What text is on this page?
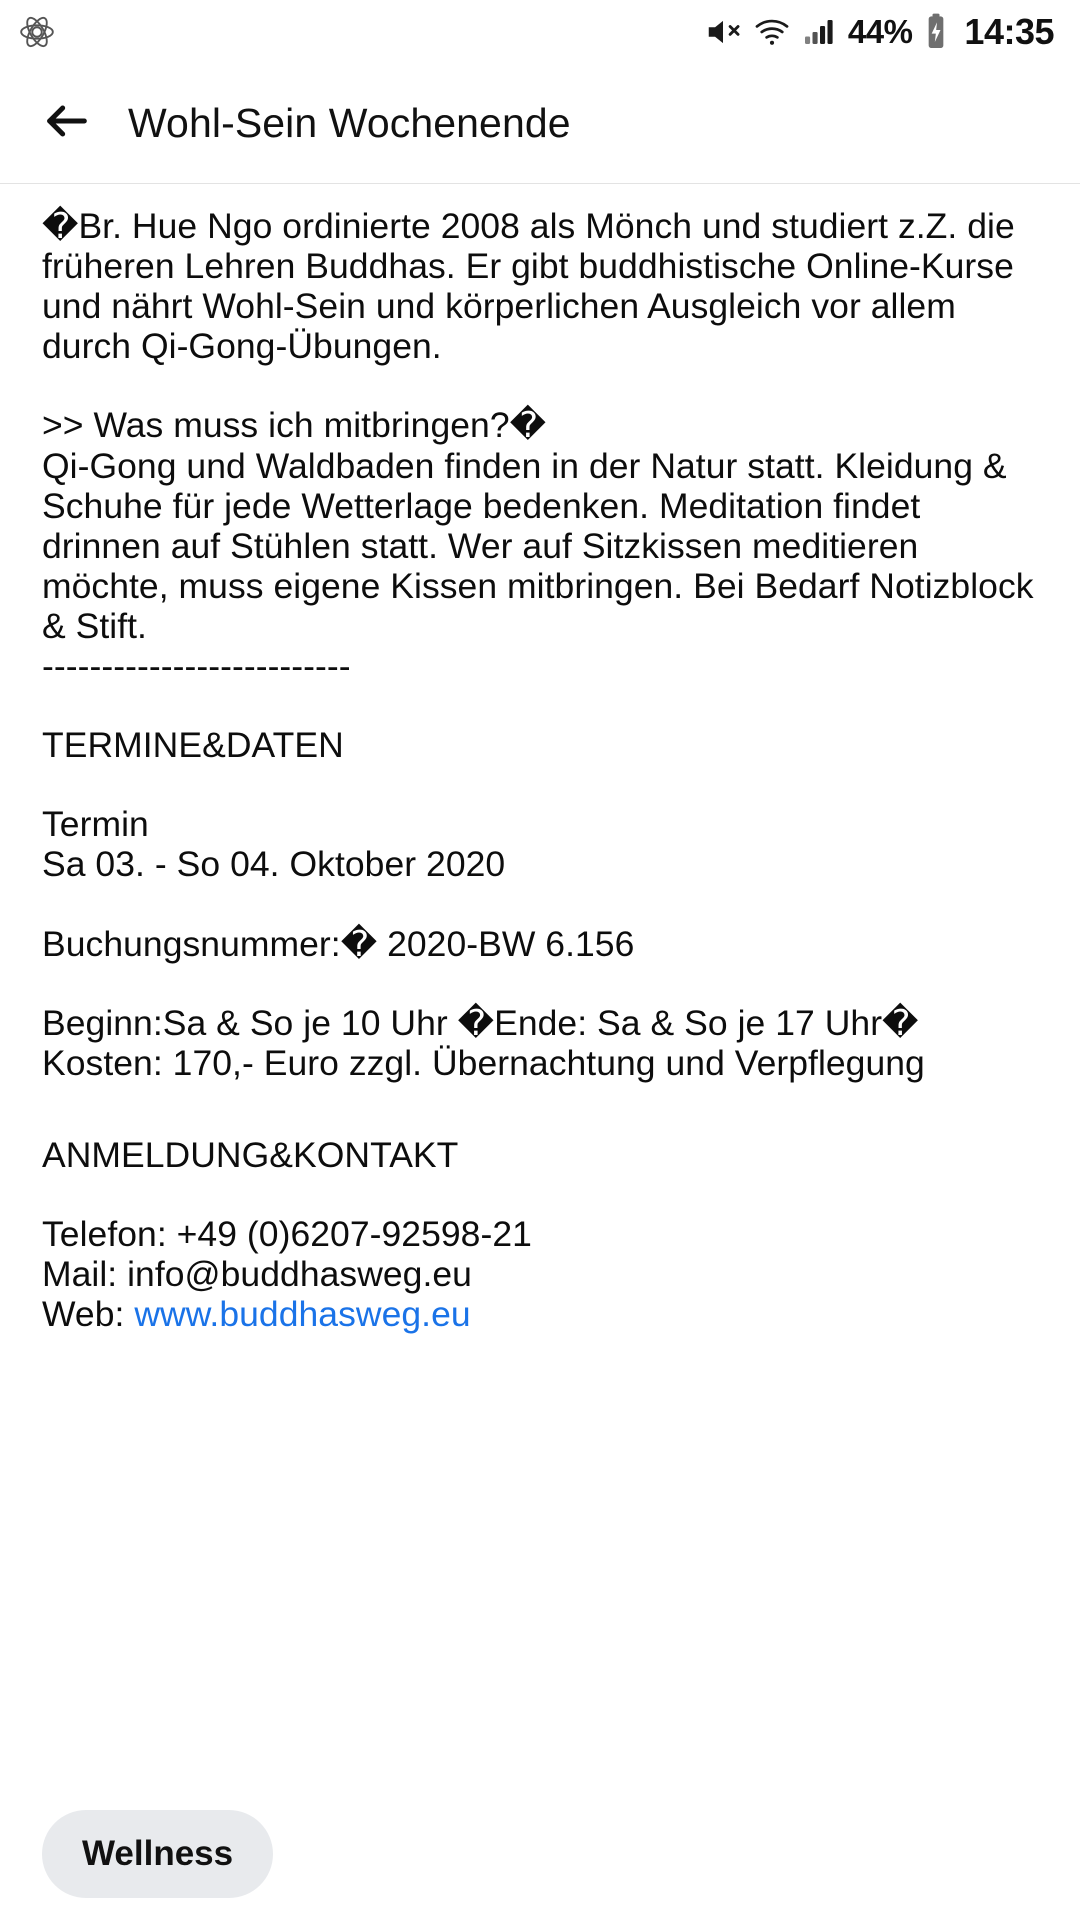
44% 14:35
Wohl-Sein Wochenende
�Br. Hue Ngo ordinierte 2008 als Mönch und studiert z.Z. die früheren Lehren Buddhas. Er gibt buddhistische Online-Kurse und nährt Wohl-Sein und körperlichen Ausgleich vor allem durch Qi-Gong-Übungen.
>> Was muss ich mitbringen?�
Qi-Gong und Waldbaden finden in der Natur statt. Kleidung & Schuhe für jede Wetterlage bedenken. Meditation findet drinnen auf Stühlen statt. Wer auf Sitzkissen meditieren möchte, muss eigene Kissen mitbringen. Bei Bedarf Notizblock & Stift.
--------------------------
TERMINE&DATEN
Termin
Sa 03. - So 04. Oktober 2020
Buchungsnummer:� 2020-BW 6.156
Beginn:Sa & So je 10 Uhr �Ende: Sa & So je 17 Uhr�
Kosten: 170,- Euro zzgl. Übernachtung und Verpflegung
ANMELDUNG&KONTAKT
Telefon: +49 (0)6207-92598-21
Mail: info@buddhasweg.eu
Web: www.buddhasweg.eu
Wellness
